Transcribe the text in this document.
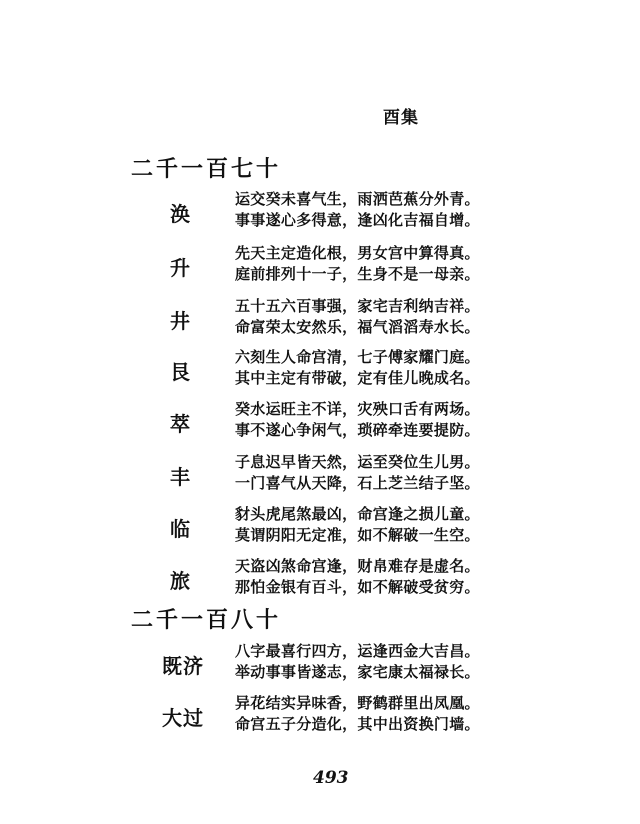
酉集
二千一百七十
涣
运交癸未喜气生，雨洒芭蕉分外青。
事事遂心多得意，逢凶化吉福自增。
升
先天主定造化根，男女宫中算得真。
庭前排列十一子，生身不是一母亲。
井
五十五六百事强，家宅吉利纳吉祥。
命富荣太安然乐，福气滔滔寿水长。
艮
六刻生人命宫清，七子傅家耀门庭。
其中主定有带破，定有佳儿晚成名。
萃
癸水运旺主不详，灾殃口舌有两场。
事不遂心争闲气，琐碎牵连要提防。
丰
子息迟早皆天然，运至癸位生儿男。
一门喜气从天降，石上芝兰结子坚。
临
豺头虎尾煞最凶，命宫逢之损儿童。
莫谓阴阳无定准，如不解破一生空。
旅
天盗凶煞命宫逢，财帛难存是虚名。
那怕金银有百斗，如不解破受贫穷。
二千一百八十
既济
八字最喜行四方，运逢西金大吉昌。
举动事事皆遂志，家宅康太福禄长。
大过
异花结实异味香，野鹤群里出凤凰。
命宫五子分造化，其中出资换门墙。
493
